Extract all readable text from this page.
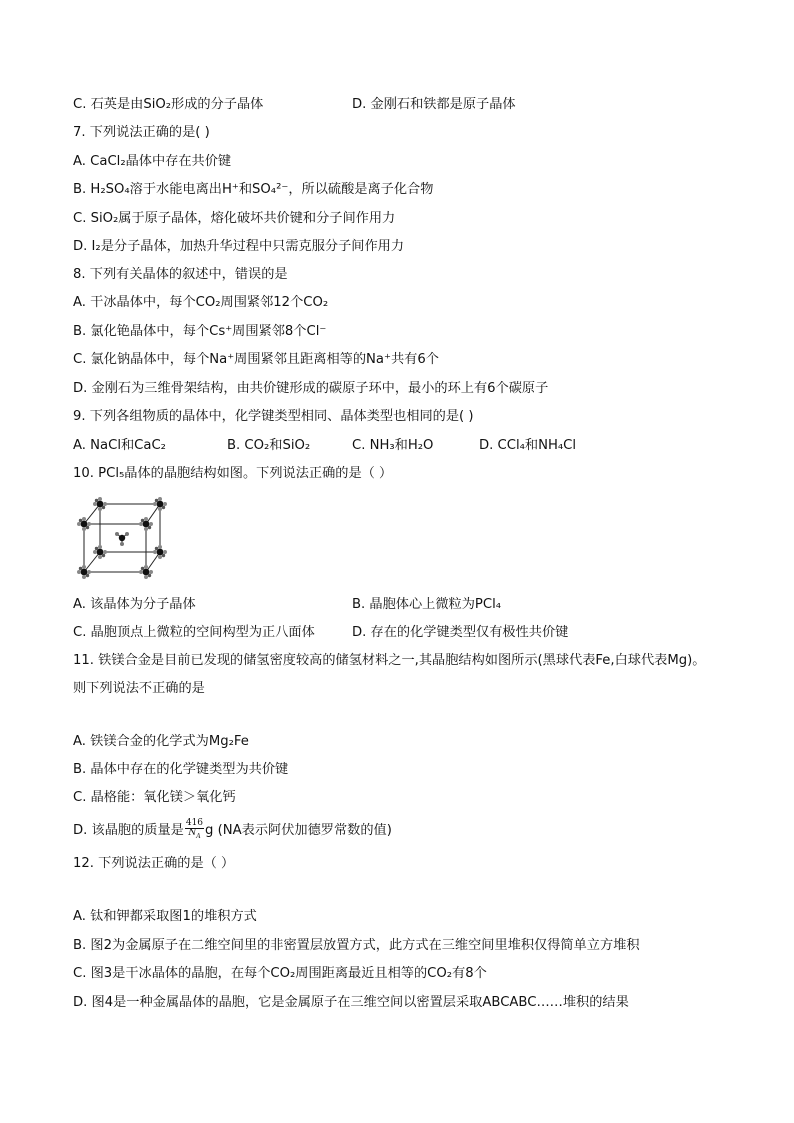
C. 石英是由SiO₂形成的分子晶体	D. 金刚石和铁都是原子晶体
7. 下列说法正确的是( )
A. CaCl₂晶体中存在共价键
B. H₂SO₄溶于水能电离出H⁺和SO₄²⁻，所以硫酸是离子化合物
C. SiO₂属于原子晶体，熔化破坏共价键和分子间作用力
D. I₂是分子晶体，加热升华过程中只需克服分子间作用力
8. 下列有关晶体的叙述中，错误的是
A. 干冰晶体中，每个CO₂周围紧邻12个CO₂
B. 氯化铯晶体中，每个Cs⁺周围紧邻8个Cl⁻
C. 氯化钠晶体中，每个Na⁺周围紧邻且距离相等的Na⁺共有6个
D. 金刚石为三维骨架结构，由共价键形成的碳原子环中，最小的环上有6个碳原子
9. 下列各组物质的晶体中，化学键类型相同、晶体类型也相同的是( )
A. NaCl和CaC₂	B. CO₂和SiO₂	C. NH₃和H₂O	D. CCl₄和NH₄Cl
10. PCl₅晶体的晶胞结构如图。下列说法正确的是（ ）
A. 该晶体为分子晶体	B. 晶胞体心上微粒为PCl₄
C. 晶胞顶点上微粒的空间构型为正八面体	D. 存在的化学键类型仅有极性共价键
11. 铁镁合金是目前已发现的储氢密度较高的储氢材料之一,其晶胞结构如图所示(黑球代表Fe,白球代表Mg)。
则下列说法不正确的是
A. 铁镁合金的化学式为Mg₂Fe
B. 晶体中存在的化学键类型为共价键
C. 晶格能：氧化镁＞氧化钙
D. 该晶胞的质量是 $\frac{416}{N_A}$ g (NA表示阿伏加德罗常数的值)
12. 下列说法正确的是（ ）
A. 钛和钾都采取图1的堆积方式
B. 图2为金属原子在二维空间里的非密置层放置方式，此方式在三维空间里堆积仅得简单立方堆积
C. 图3是干冰晶体的晶胞，在每个CO₂周围距离最近且相等的CO₂有8个
D. 图4是一种金属晶体的晶胞，它是金属原子在三维空间以密置层采取ABCABC……堆积的结果
